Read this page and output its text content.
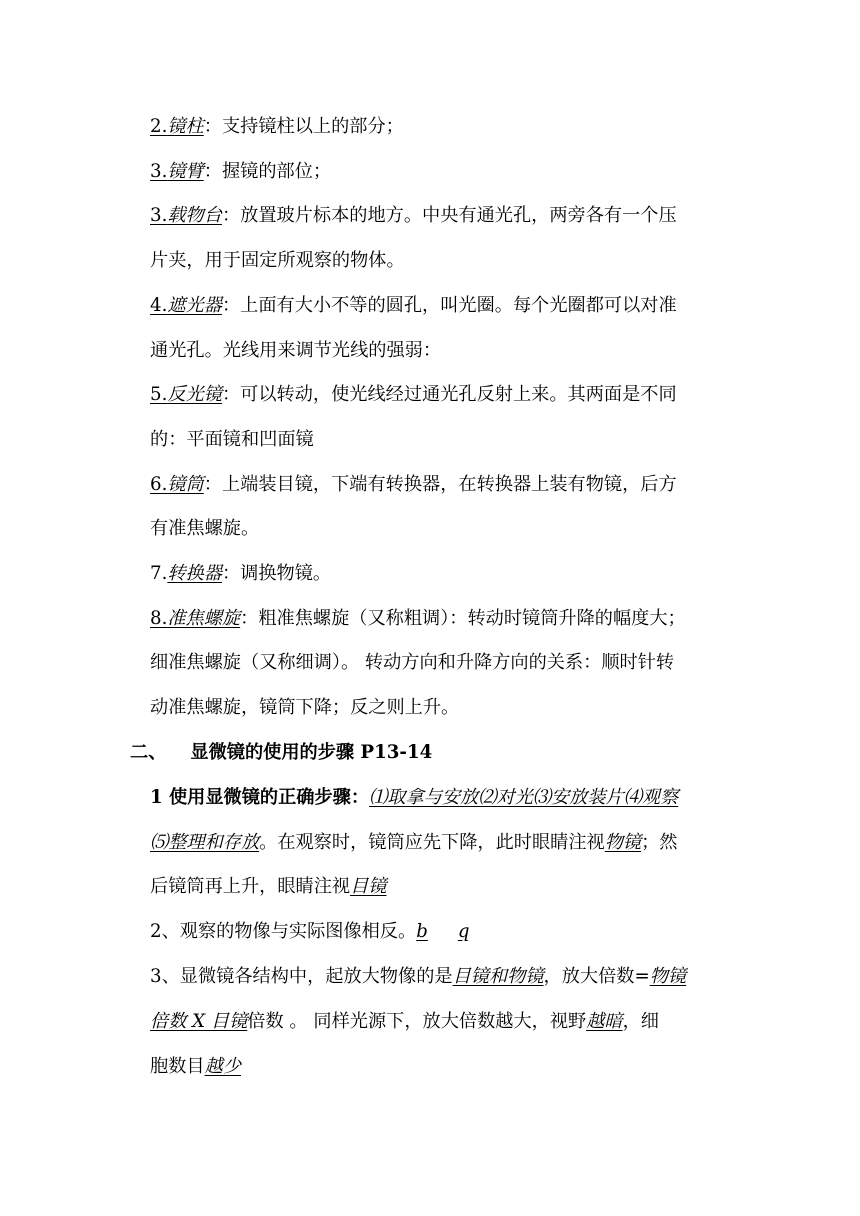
2.镜柱：支持镜柱以上的部分；
3.镜臂：握镜的部位；
3.载物台：放置玻片标本的地方。中央有通光孔，两旁各有一个压
片夹，用于固定所观察的物体。
4.遮光器：上面有大小不等的圆孔，叫光圈。每个光圈都可以对准
通光孔。光线用来调节光线的强弱：
5.反光镜：可以转动，使光线经过通光孔反射上来。其两面是不同
的：平面镜和凹面镜
6.镜筒：上端装目镜，下端有转换器，在转换器上装有物镜，后方
有准焦螺旋。
7.转换器：调换物镜。
8.准焦螺旋：粗准焦螺旋（又称粗调）：转动时镜筒升降的幅度大；
细准焦螺旋（又称细调）。 转动方向和升降方向的关系：顺时针转
动准焦螺旋，镜筒下降；反之则上升。
二、 显微镜的使用的步骤 P13-14
1 使用显微镜的正确步骤：⑴取拿与安放⑵对光⑶安放装片⑷观察
⑸整理和存放。在观察时，镜筒应先下降，此时眼睛注视物镜；然
后镜筒再上升，眼睛注视目镜
2、观察的物像与实际图像相反。b q
3、显微镜各结构中，起放大物像的是目镜和物镜，放大倍数=物镜
倍数 X 目镜倍数 。 同样光源下，放大倍数越大，视野越暗，细
胞数目越少
